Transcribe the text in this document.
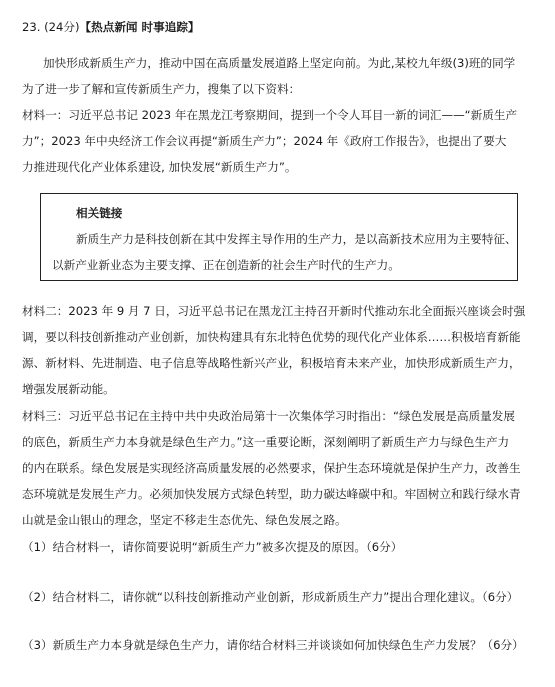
23. (24分)【热点新闻 时事追踪】
加快形成新质生产力，推动中国在高质量发展道路上坚定向前。为此,某校九年级(3)班的同学
为了进一步了解和宣传新质生产力，搜集了以下资料：
材料一：习近平总书记 2023 年在黑龙江考察期间，提到一个令人耳目一新的词汇——“新质生产
力”；2023 年中央经济工作会议再提“新质生产力”；2024 年《政府工作报告》，也提出了要大
力推进现代化产业体系建设, 加快发展“新质生产力”。
相关链接
新质生产力是科技创新在其中发挥主导作用的生产力，是以高新技术应用为主要特征、
以新产业新业态为主要支撑、正在创造新的社会生产时代的生产力。
材料二：2023 年 9 月 7 日，习近平总书记在黑龙江主持召开新时代推动东北全面振兴座谈会时强
调，要以科技创新推动产业创新，加快构建具有东北特色优势的现代化产业体系……积极培育新能
源、新材料、先进制造、电子信息等战略性新兴产业，积极培育未来产业，加快形成新质生产力，
增强发展新动能。
材料三：习近平总书记在主持中共中央政治局第十一次集体学习时指出：“绿色发展是高质量发展
的底色，新质生产力本身就是绿色生产力。”这一重要论断，深刻阐明了新质生产力与绿色生产力
的内在联系。绿色发展是实现经济高质量发展的必然要求，保护生态环境就是保护生产力，改善生
态环境就是发展生产力。必须加快发展方式绿色转型，助力碳达峰碳中和。牢固树立和践行绿水青
山就是金山银山的理念，坚定不移走生态优先、绿色发展之路。
（1）结合材料一，请你简要说明“新质生产力”被多次提及的原因。（6分）
（2）结合材料二，请你就“以科技创新推动产业创新，形成新质生产力”提出合理化建议。（6分）
（3）新质生产力本身就是绿色生产力，请你结合材料三并谈谈如何加快绿色生产力发展？（6分）
